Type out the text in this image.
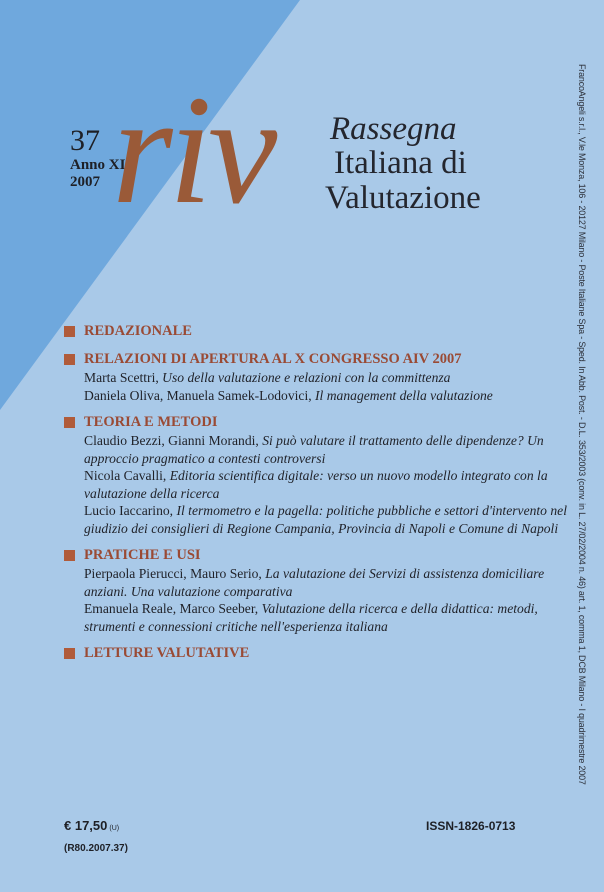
37
Anno XI
2007 riv Rassegna
Italiana di
Valutazione
REDAZIONALE
RELAZIONI DI APERTURA AL X CONGRESSO AIV 2007
Marta Scettri, Uso della valutazione e relazioni con la committenza
Daniela Oliva, Manuela Samek-Lodovici, Il management della valutazione
TEORIA E METODI
Claudio Bezzi, Gianni Morandi, Si può valutare il trattamento delle dipendenze? Un approccio pragmatico a contesti controversi
Nicola Cavalli, Editoria scientifica digitale: verso un nuovo modello integrato con la valutazione della ricerca
Lucio Iaccarino, Il termometro e la pagella: politiche pubbliche e settori d'intervento nel giudizio dei consiglieri di Regione Campania, Provincia di Napoli e Comune di Napoli
PRATICHE E USI
Pierpaola Pierucci, Mauro Serio, La valutazione dei Servizi di assistenza domiciliare anziani. Una valutazione comparativa
Emanuela Reale, Marco Seeber, Valutazione della ricerca e della didattica: metodi, strumenti e connessioni critiche nell'esperienza italiana
LETTURE VALUTATIVE	FrancoAngeli s.r.l., V.le Monza, 106 - 20127 Milano - Poste Italiane Spa - Sped. In Abb. Post. - D.L. 353/2003 (conv. in L. 27/02/2004 n. 46) art. 1, comma 1, DCB Milano - I quadrimestre 2007
€ 17,50 (U)
(R80.2007.37)
ISSN-1826-0713
